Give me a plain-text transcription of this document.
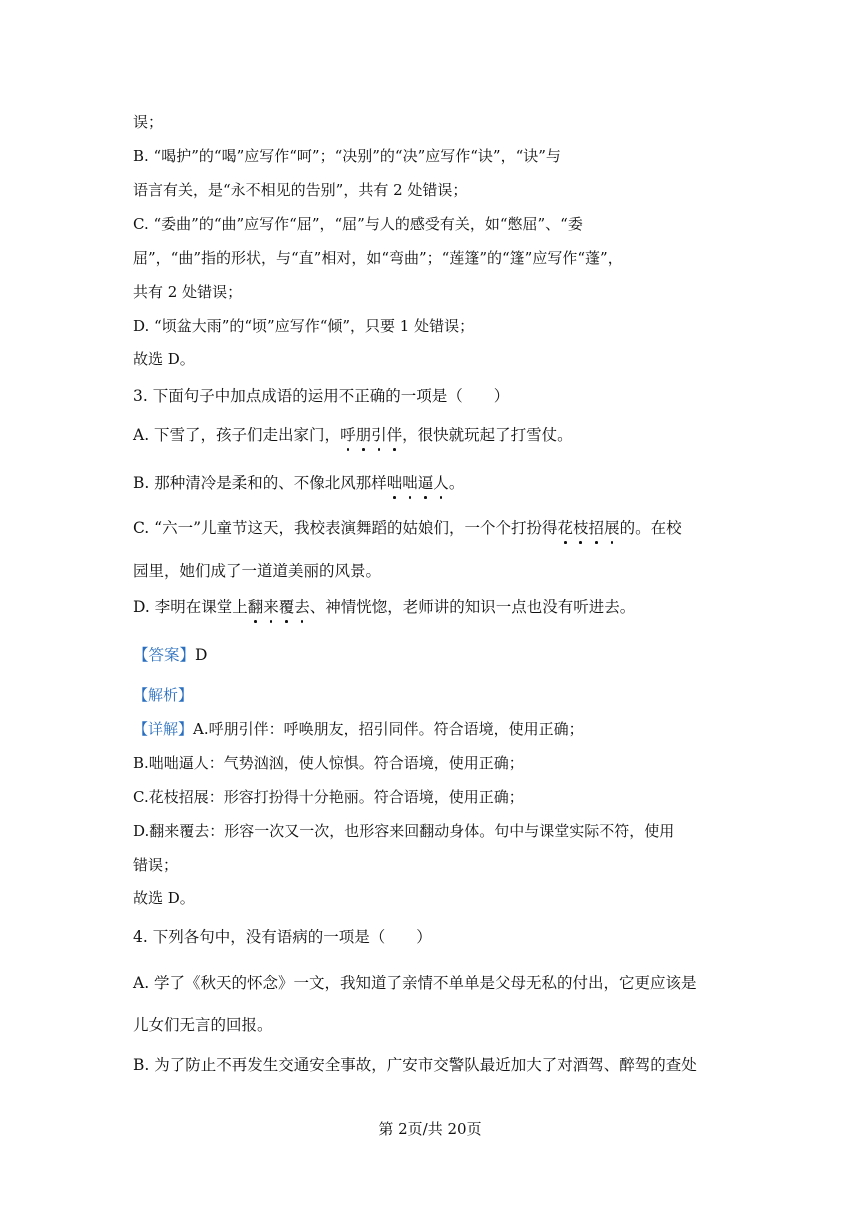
误；
B. “喝护”的“喝”应写作“呵”；“决别”的“决”应写作“诀”，“诀”与
语言有关，是“永不相见的告别”，共有 2 处错误；
C. “委曲”的“曲”应写作“屈”，“屈”与人的感受有关，如“憋屈”、“委
屈”，“曲”指的形状，与“直”相对，如“弯曲”；“莲篷”的“篷”应写作“蓬”，
共有 2 处错误；
D. “顷盆大雨”的“顷”应写作“倾”，只要 1 处错误；
故选 D。
3. 下面句子中加点成语的运用不正确的一项是（　　）
A. 下雪了，孩子们走出家门，呼朋引伴，很快就玩起了打雪仗。
B. 那种清冷是柔和的、不像北风那样咄咄逼人。
C. “六一”儿童节这天，我校表演舞蹈的姑娘们，一个个打扮得花枝招展的。在校
园里，她们成了一道道美丽的风景。
D. 李明在课堂上翻来覆去、神情恍惚，老师讲的知识一点也没有听进去。
【答案】D
【解析】
【详解】A.呼朋引伴：呼唤朋友，招引同伴。符合语境，使用正确；
B.咄咄逼人：气势汹汹，使人惊惧。符合语境，使用正确；
C.花枝招展：形容打扮得十分艳丽。符合语境，使用正确；
D.翻来覆去：形容一次又一次，也形容来回翻动身体。句中与课堂实际不符，使用
错误；
故选 D。
4. 下列各句中，没有语病的一项是（　　）
A. 学了《秋天的怀念》一文，我知道了亲情不单单是父母无私的付出，它更应该是
儿女们无言的回报。
B. 为了防止不再发生交通安全事故，广安市交警队最近加大了对酒驾、醉驾的查处
第 2页/共 20页
